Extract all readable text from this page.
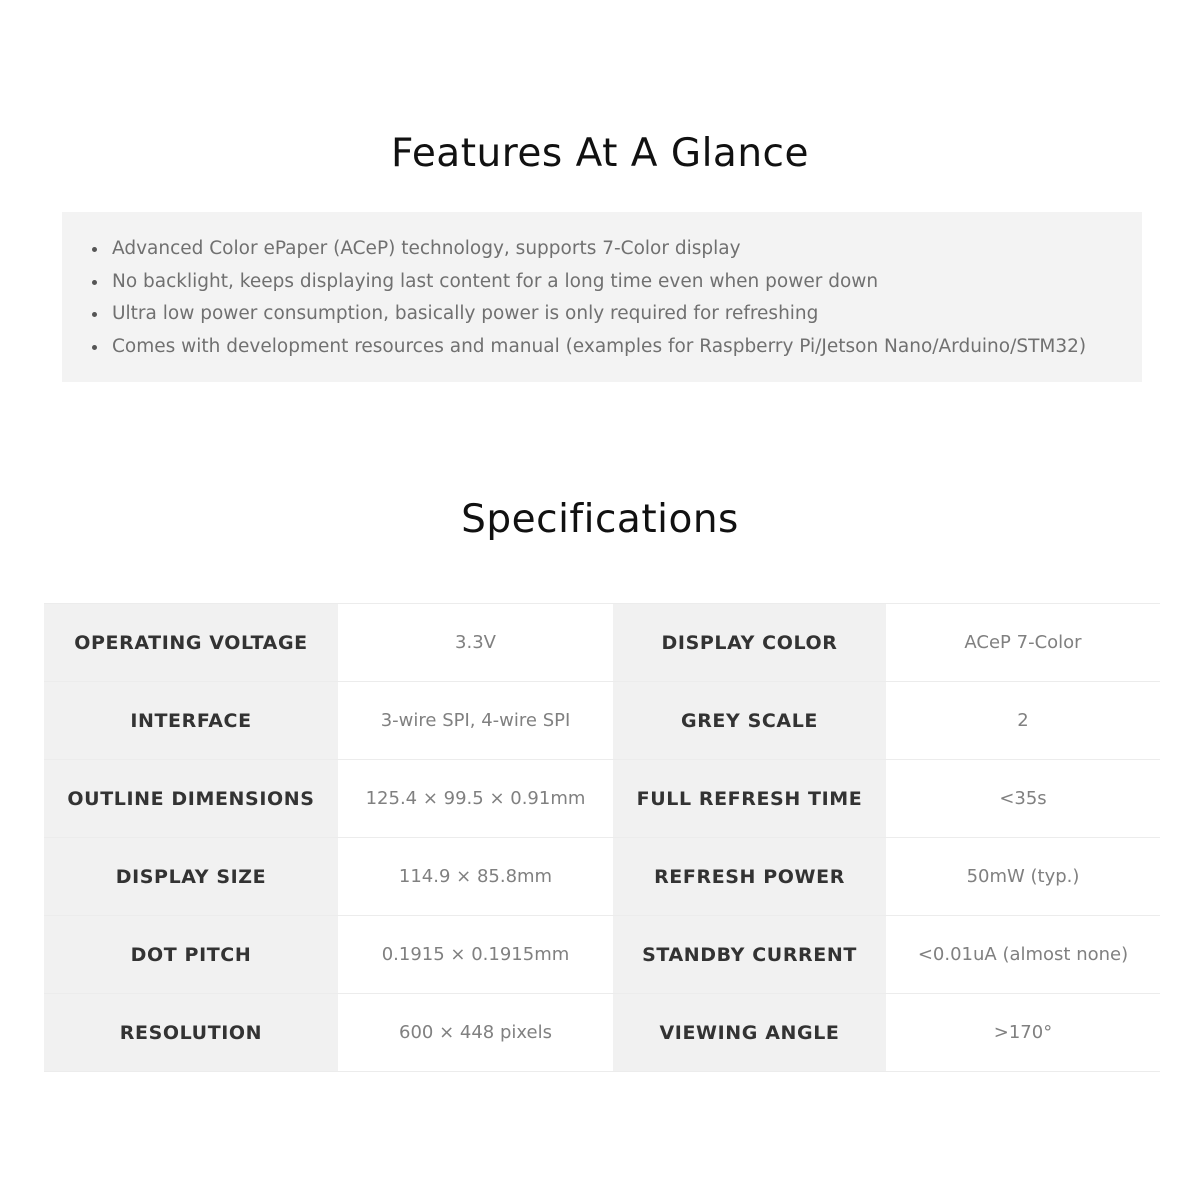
Features At A Glance
Advanced Color ePaper (ACeP) technology, supports 7-Color display
No backlight, keeps displaying last content for a long time even when power down
Ultra low power consumption, basically power is only required for refreshing
Comes with development resources and manual (examples for Raspberry Pi/Jetson Nano/Arduino/STM32)
Specifications
OPERATING VOLTAGE	3.3V	DISPLAY COLOR	ACeP 7-Color
INTERFACE	3-wire SPI, 4-wire SPI	GREY SCALE	2
OUTLINE DIMENSIONS	125.4 × 99.5 × 0.91mm	FULL REFRESH TIME	<35s
DISPLAY SIZE	114.9 × 85.8mm	REFRESH POWER	50mW (typ.)
DOT PITCH	0.1915 × 0.1915mm	STANDBY CURRENT	<0.01uA (almost none)
RESOLUTION	600 × 448 pixels	VIEWING ANGLE	>170°
